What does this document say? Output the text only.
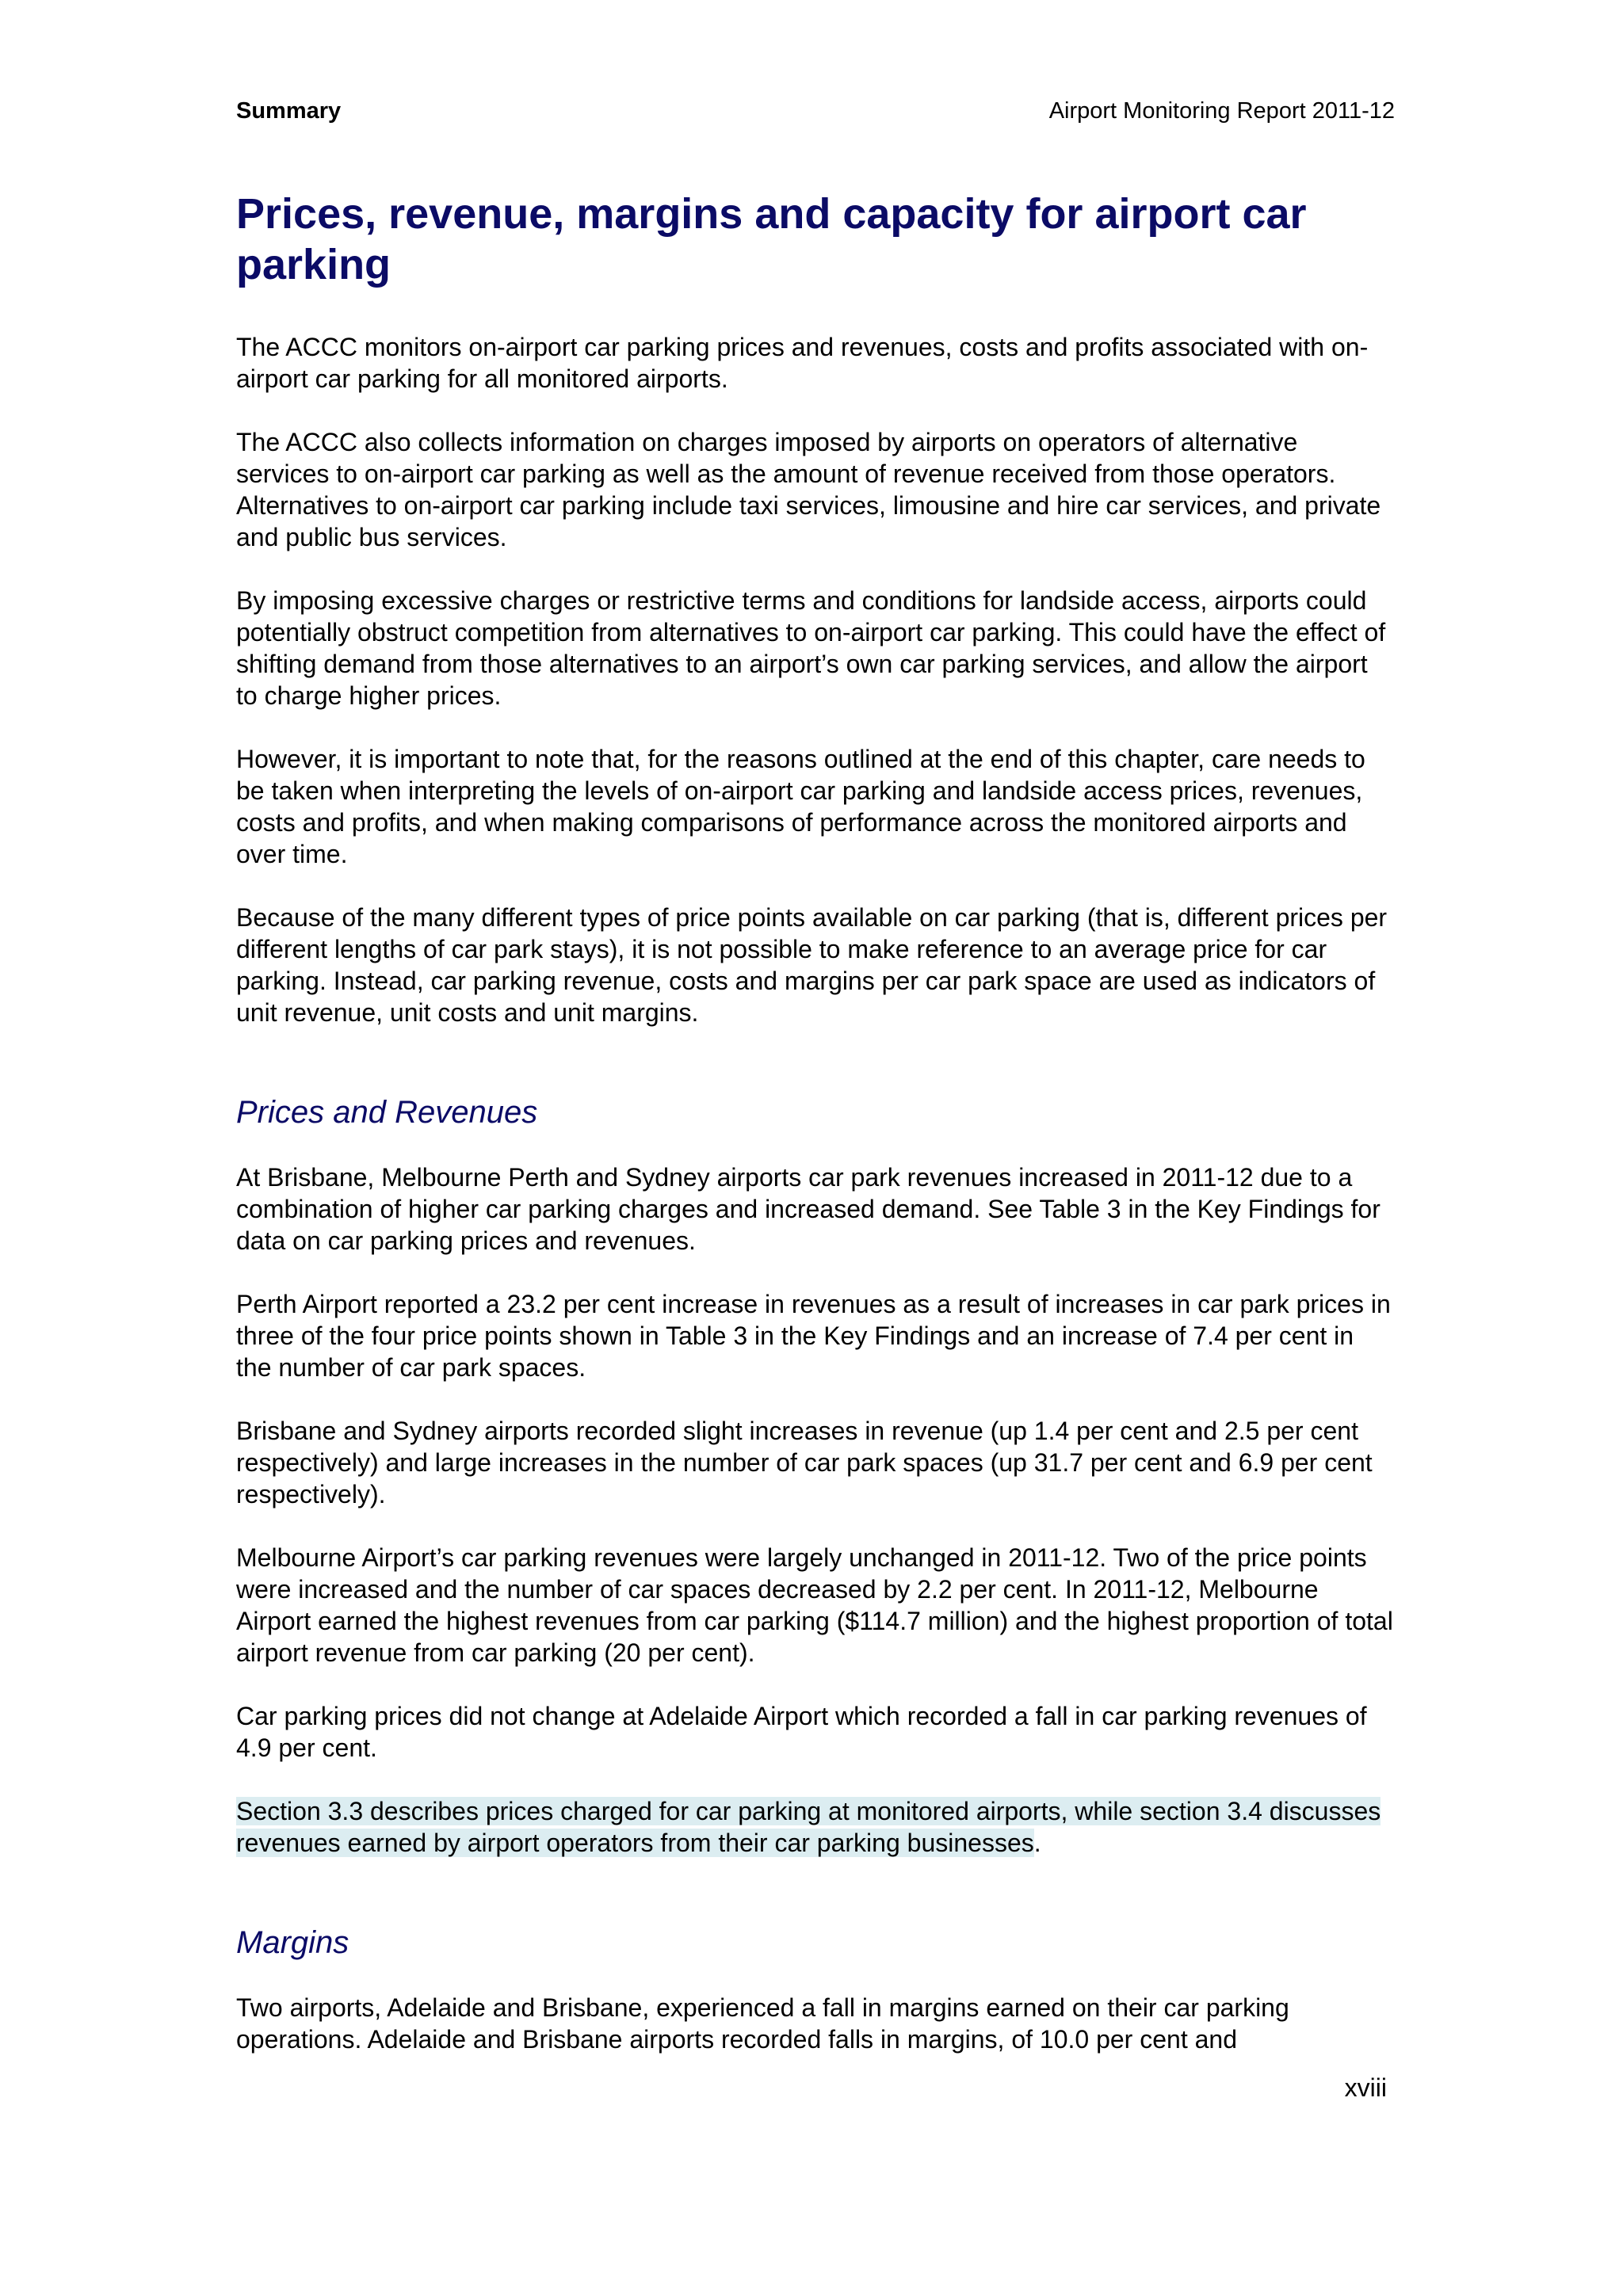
Summary	Airport Monitoring Report 2011-12
Prices, revenue, margins and capacity for airport car parking

The ACCC monitors on-airport car parking prices and revenues, costs and profits associated with on-airport car parking for all monitored airports.

The ACCC also collects information on charges imposed by airports on operators of alternative services to on-airport car parking as well as the amount of revenue received from those operators. Alternatives to on-airport car parking include taxi services, limousine and hire car services, and private and public bus services.

By imposing excessive charges or restrictive terms and conditions for landside access, airports could potentially obstruct competition from alternatives to on-airport car parking. This could have the effect of shifting demand from those alternatives to an airport’s own car parking services, and allow the airport to charge higher prices.

However, it is important to note that, for the reasons outlined at the end of this chapter, care needs to be taken when interpreting the levels of on-airport car parking and landside access prices, revenues, costs and profits, and when making comparisons of performance across the monitored airports and over time.

Because of the many different types of price points available on car parking (that is, different prices per different lengths of car park stays), it is not possible to make reference to an average price for car parking. Instead, car parking revenue, costs and margins per car park space are used as indicators of unit revenue, unit costs and unit margins.

Prices and Revenues

At Brisbane, Melbourne Perth and Sydney airports car park revenues increased in 2011-12 due to a combination of higher car parking charges and increased demand. See Table 3 in the Key Findings for data on car parking prices and revenues.

Perth Airport reported a 23.2 per cent increase in revenues as a result of increases in car park prices in three of the four price points shown in Table 3 in the Key Findings and an increase of 7.4 per cent in the number of car park spaces.

Brisbane and Sydney airports recorded slight increases in revenue (up 1.4 per cent and 2.5 per cent respectively) and large increases in the number of car park spaces (up 31.7 per cent and 6.9 per cent respectively).

Melbourne Airport’s car parking revenues were largely unchanged in 2011-12. Two of the price points were increased and the number of car spaces decreased by 2.2 per cent. In 2011-12, Melbourne Airport earned the highest revenues from car parking ($114.7 million) and the highest proportion of total airport revenue from car parking (20 per cent).

Car parking prices did not change at Adelaide Airport which recorded a fall in car parking revenues of 4.9 per cent.

Section 3.3 describes prices charged for car parking at monitored airports, while section 3.4 discusses revenues earned by airport operators from their car parking businesses.

Margins

Two airports, Adelaide and Brisbane, experienced a fall in margins earned on their car parking operations. Adelaide and Brisbane airports recorded falls in margins, of 10.0 per cent and

xviii
